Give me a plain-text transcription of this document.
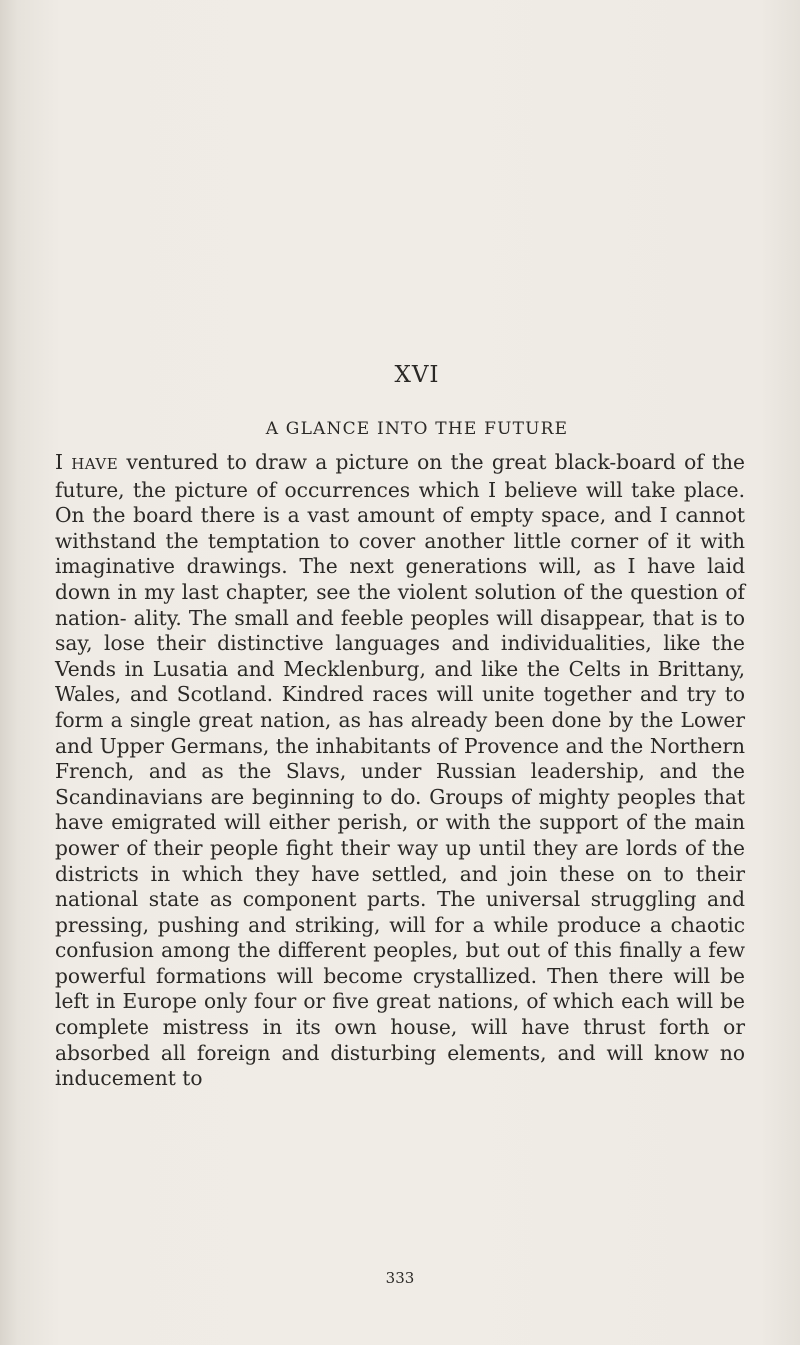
XVI
A GLANCE INTO THE FUTURE

I HAVE ventured to draw a picture on the great black-board of the future, the picture of occurrences which I believe will take place. On the board there is a vast amount of empty space, and I cannot withstand the temptation to cover another little corner of it with imaginative drawings. The next generations will, as I have laid down in my last chapter, see the violent solution of the question of nation- ality. The small and feeble peoples will disappear, that is to say, lose their distinctive languages and individualities, like the Vends in Lusatia and Mecklenburg, and like the Celts in Brittany, Wales, and Scotland. Kindred races will unite together and try to form a single great nation, as has already been done by the Lower and Upper Germans, the inhabitants of Provence and the Northern French, and as the Slavs, under Russian leadership, and the Scandinavians are beginning to do. Groups of mighty peoples that have emigrated will either perish, or with the support of the main power of their people fight their way up until they are lords of the districts in which they have settled, and join these on to their national state as component parts. The universal struggling and pressing, pushing and striking, will for a while produce a chaotic confusion among the different peoples, but out of this finally a few powerful formations will become crystallized. Then there will be left in Europe only four or five great nations, of which each will be complete mistress in its own house, will have thrust forth or absorbed all foreign and disturbing elements, and will know no inducement to

333
